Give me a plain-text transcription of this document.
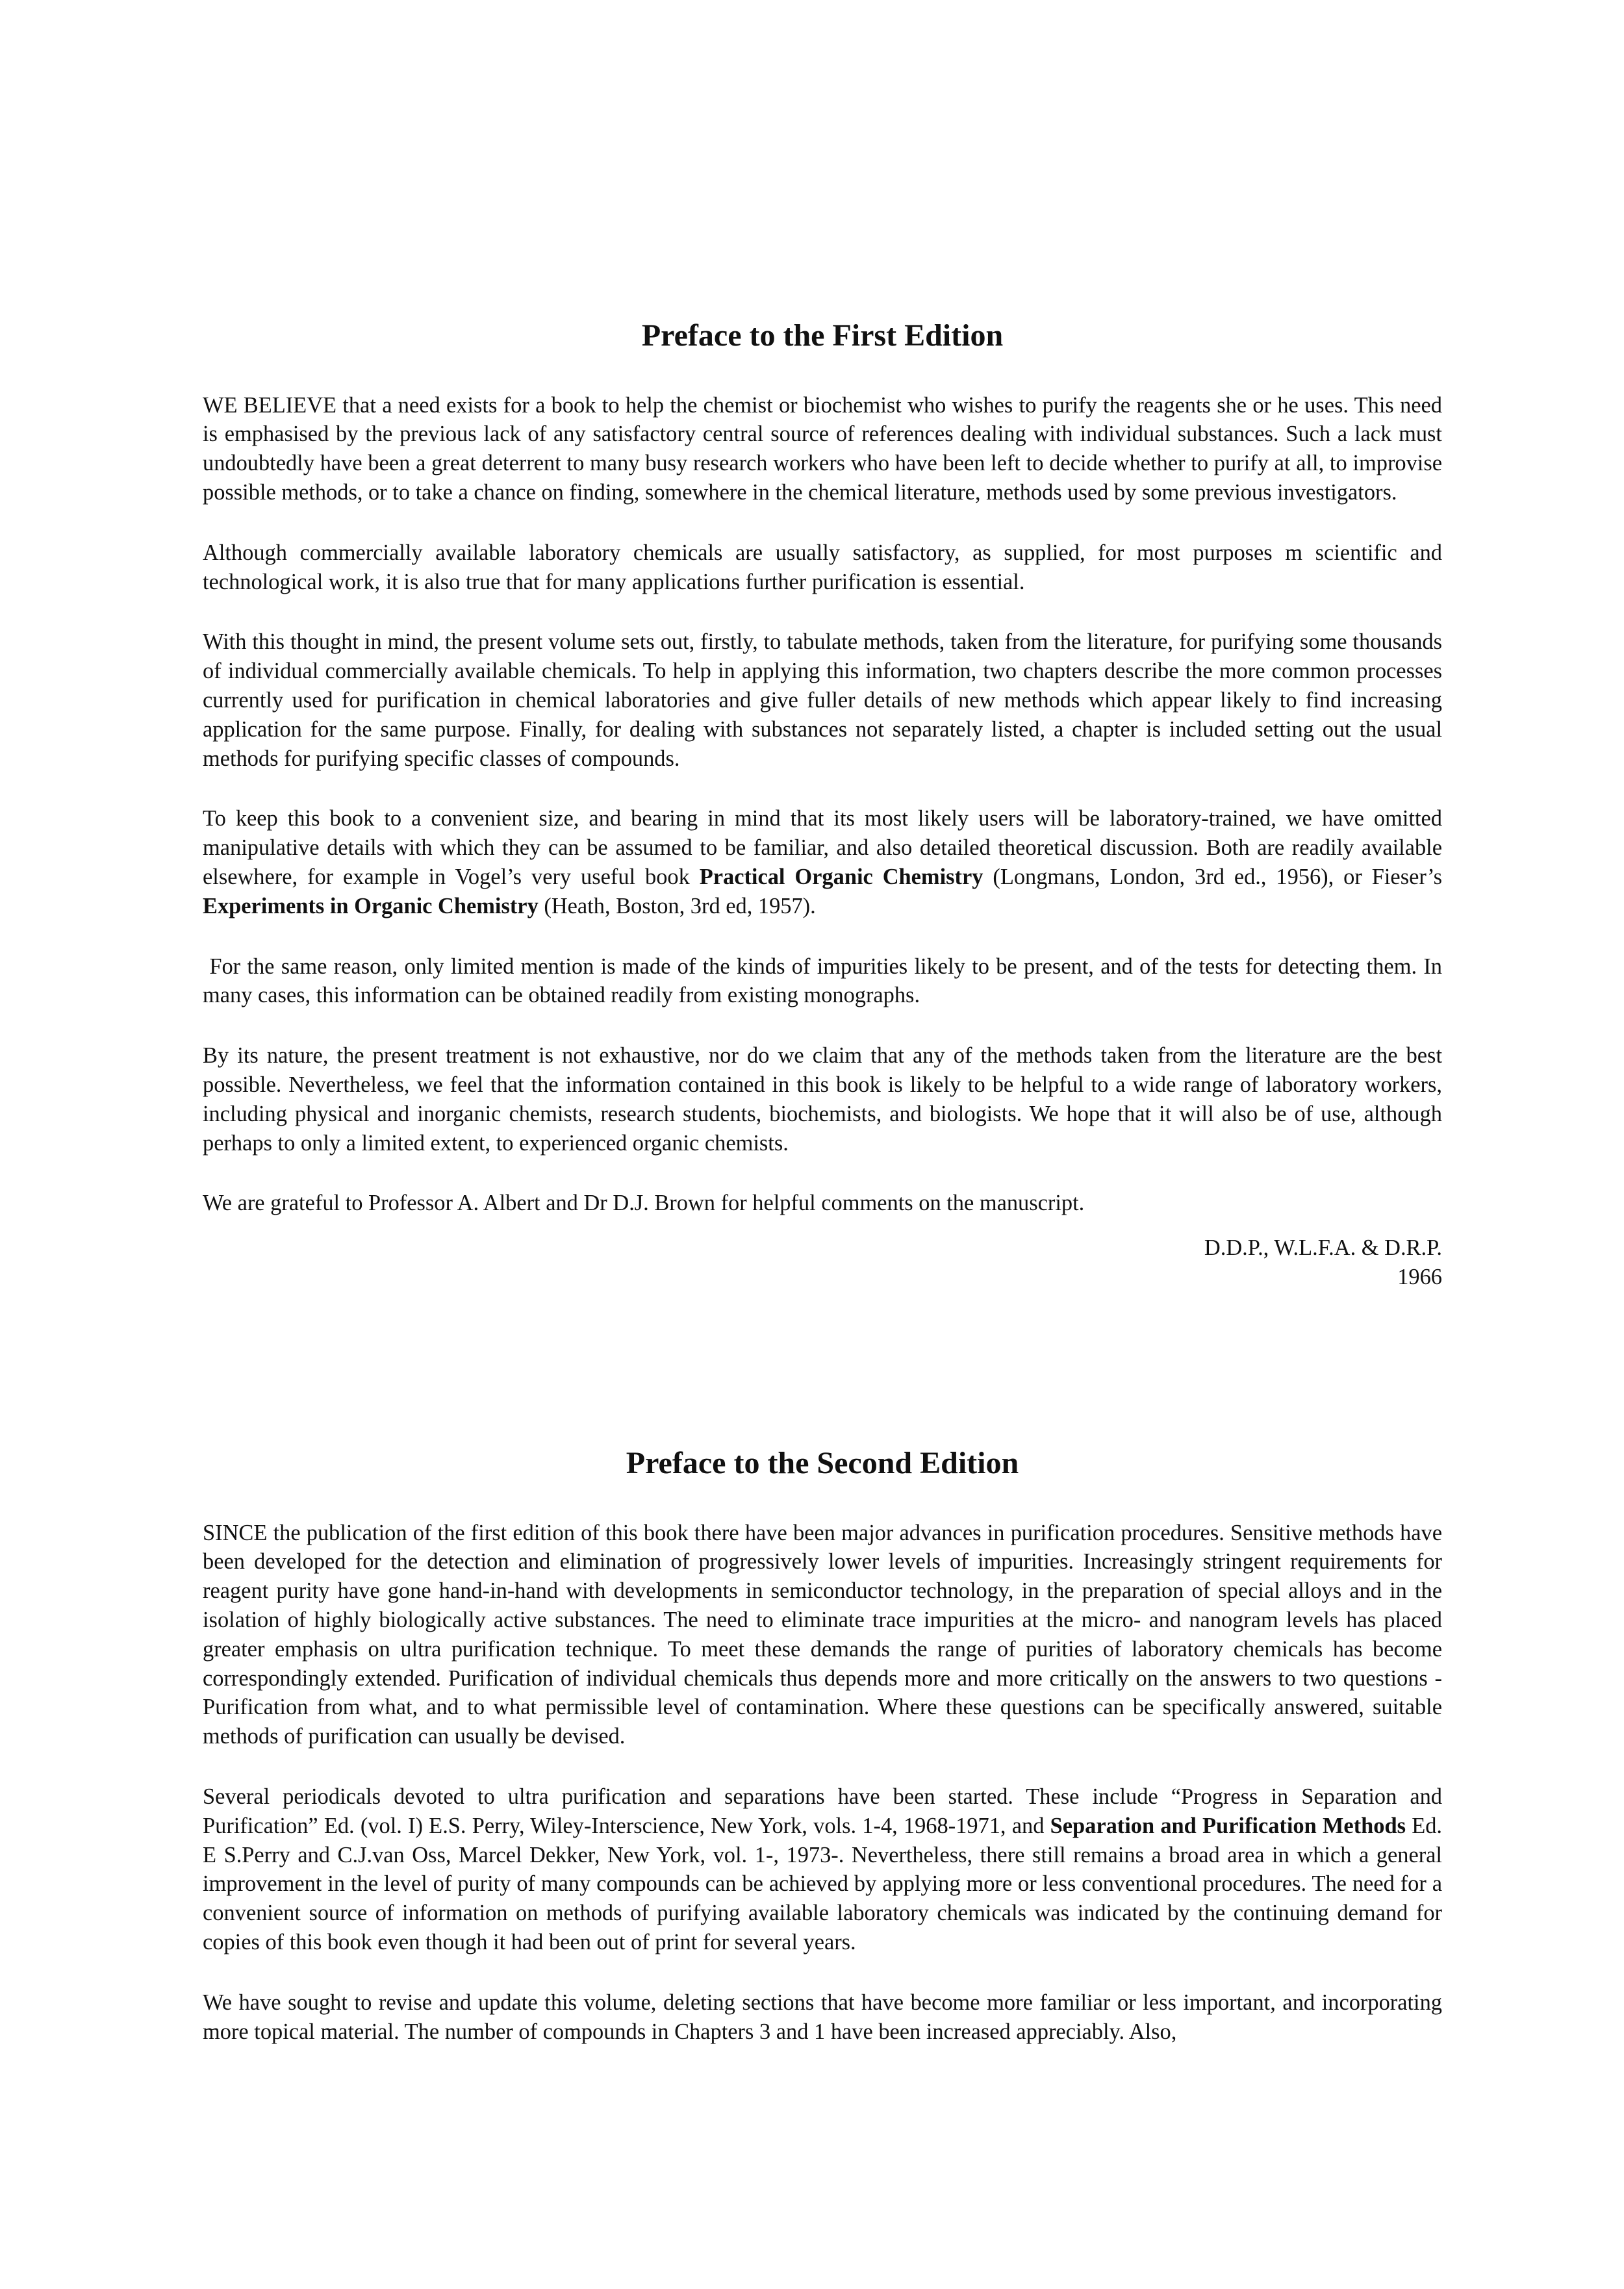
Preface to the First Edition

WE BELIEVE that a need exists for a book to help the chemist or biochemist who wishes to purify the reagents she or he uses. This need is emphasised by the previous lack of any satisfactory central source of references dealing with individual substances. Such a lack must undoubtedly have been a great deterrent to many busy research workers who have been left to decide whether to purify at all, to improvise possible methods, or to take a chance on finding, somewhere in the chemical literature, methods used by some previous investigators.

Although commercially available laboratory chemicals are usually satisfactory, as supplied, for most purposes m scientific and technological work, it is also true that for many applications further purification is essential.

With this thought in mind, the present volume sets out, firstly, to tabulate methods, taken from the literature, for purifying some thousands of individual commercially available chemicals. To help in applying this information, two chapters describe the more common processes currently used for purification in chemical laboratories and give fuller details of new methods which appear likely to find increasing application for the same purpose. Finally, for dealing with substances not separately listed, a chapter is included setting out the usual methods for purifying specific classes of compounds.

To keep this book to a convenient size, and bearing in mind that its most likely users will be laboratory-trained, we have omitted manipulative details with which they can be assumed to be familiar, and also detailed theoretical discussion. Both are readily available elsewhere, for example in Vogel’s very useful book Practical Organic Chemistry (Longmans, London, 3rd ed., 1956), or Fieser’s Experiments in Organic Chemistry (Heath, Boston, 3rd ed, 1957).

For the same reason, only limited mention is made of the kinds of impurities likely to be present, and of the tests for detecting them. In many cases, this information can be obtained readily from existing monographs.

By its nature, the present treatment is not exhaustive, nor do we claim that any of the methods taken from the literature are the best possible. Nevertheless, we feel that the information contained in this book is likely to be helpful to a wide range of laboratory workers, including physical and inorganic chemists, research students, biochemists, and biologists. We hope that it will also be of use, although perhaps to only a limited extent, to experienced organic chemists.

We are grateful to Professor A. Albert and Dr D.J. Brown for helpful comments on the manuscript.

D.D.P., W.L.F.A. & D.R.P.

1966

Preface to the Second Edition

SINCE the publication of the first edition of this book there have been major advances in purification procedures. Sensitive methods have been developed for the detection and elimination of progressively lower levels of impurities. Increasingly stringent requirements for reagent purity have gone hand-in-hand with developments in semiconductor technology, in the preparation of special alloys and in the isolation of highly biologically active substances. The need to eliminate trace impurities at the micro- and nanogram levels has placed greater emphasis on ultra purification technique. To meet these demands the range of purities of laboratory chemicals has become correspondingly extended. Purification of individual chemicals thus depends more and more critically on the answers to two questions -Purification from what, and to what permissible level of contamination. Where these questions can be specifically answered, suitable methods of purification can usually be devised.

Several periodicals devoted to ultra purification and separations have been started. These include “Progress in Separation and Purification” Ed. (vol. I) E.S. Perry, Wiley-Interscience, New York, vols. 1-4, 1968-1971, and Separation and Purification Methods Ed. E S.Perry and C.J.van Oss, Marcel Dekker, New York, vol. 1-, 1973-. Nevertheless, there still remains a broad area in which a general improvement in the level of purity of many compounds can be achieved by applying more or less conventional procedures. The need for a convenient source of information on methods of purifying available laboratory chemicals was indicated by the continuing demand for copies of this book even though it had been out of print for several years.

We have sought to revise and update this volume, deleting sections that have become more familiar or less important, and incorporating more topical material. The number of compounds in Chapters 3 and 1 have been increased appreciably. Also,
